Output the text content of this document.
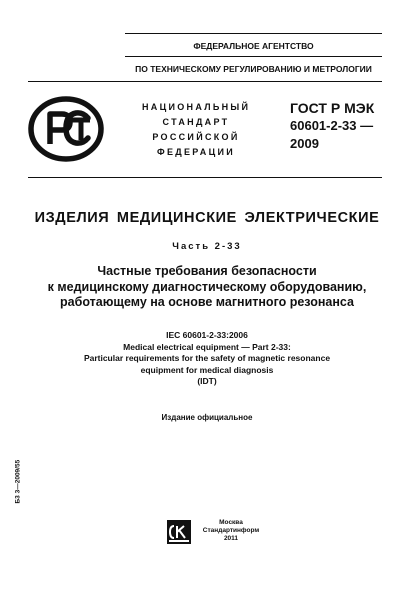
ФЕДЕРАЛЬНОЕ АГЕНТСТВО
ПО ТЕХНИЧЕСКОМУ РЕГУЛИРОВАНИЮ И МЕТРОЛОГИИ
НАЦИОНАЛЬНЫЙ
СТАНДАРТ
РОССИЙСКОЙ
ФЕДЕРАЦИИ
ГОСТ Р МЭК
60601-2-33 —
2009
ИЗДЕЛИЯ МЕДИЦИНСКИЕ ЭЛЕКТРИЧЕСКИЕ
Часть 2-33
Частные требования безопасности
к медицинскому диагностическому оборудованию,
работающему на основе магнитного резонанса
IEC 60601-2-33:2006
Medical electrical equipment — Part 2-33:
Particular requirements for the safety of magnetic resonance
equipment for medical diagnosis
(IDT)
Издание официальное
Б3 3—2009/55
Москва
Стандартинформ
2011
